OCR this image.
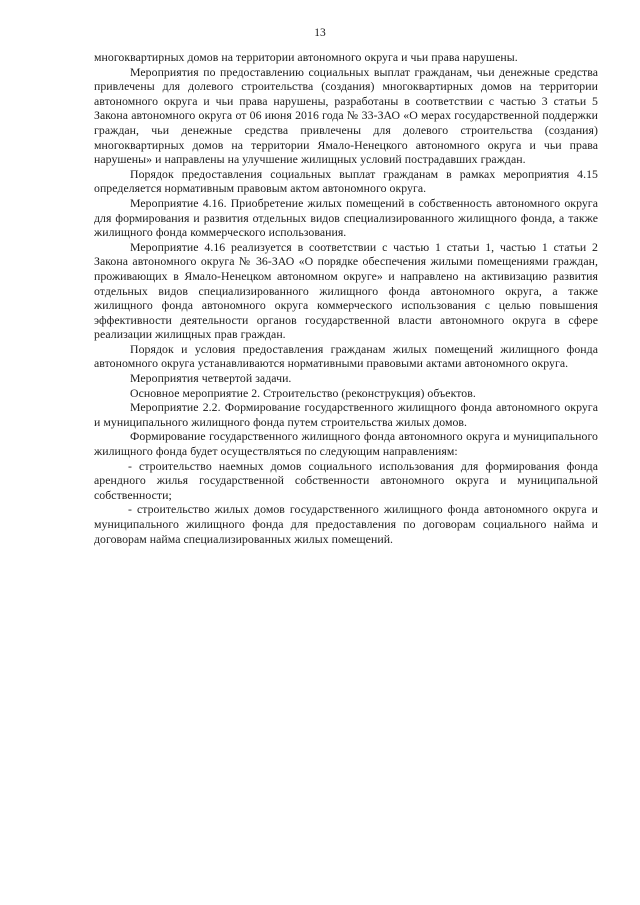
13

многоквартирных домов на территории автономного округа и чьи права нарушены.

Мероприятия по предоставлению социальных выплат гражданам, чьи денежные средства привлечены для долевого строительства (создания) многоквартирных домов на территории автономного округа и чьи права нарушены, разработаны в соответствии с частью 3 статьи 5 Закона автономного округа от 06 июня 2016 года № 33-ЗАО «О мерах государственной поддержки граждан, чьи денежные средства привлечены для долевого строительства (создания) многоквартирных домов на территории Ямало-Ненецкого автономного округа и чьи права нарушены» и направлены на улучшение жилищных условий пострадавших граждан.

Порядок предоставления социальных выплат гражданам в рамках мероприятия 4.15 определяется нормативным правовым актом автономного округа.

Мероприятие 4.16. Приобретение жилых помещений в собственность автономного округа для формирования и развития отдельных видов специализированного жилищного фонда, а также жилищного фонда коммерческого использования.

Мероприятие 4.16 реализуется в соответствии с частью 1 статьи 1, частью 1 статьи 2 Закона автономного округа № 36-ЗАО «О порядке обеспечения жилыми помещениями граждан, проживающих в Ямало-Ненецком автономном округе» и направлено на активизацию развития отдельных видов специализированного жилищного фонда автономного округа, а также жилищного фонда автономного округа коммерческого использования с целью повышения эффективности деятельности органов государственной власти автономного округа в сфере реализации жилищных прав граждан.

Порядок и условия предоставления гражданам жилых помещений жилищного фонда автономного округа устанавливаются нормативными правовыми актами автономного округа.

Мероприятия четвертой задачи.

Основное мероприятие 2. Строительство (реконструкция) объектов.

Мероприятие 2.2. Формирование государственного жилищного фонда автономного округа и муниципального жилищного фонда путем строительства жилых домов.

Формирование государственного жилищного фонда автономного округа и муниципального жилищного фонда будет осуществляться по следующим направлениям:

- строительство наемных домов социального использования для формирования фонда арендного жилья государственной собственности автономного округа и муниципальной собственности;

- строительство жилых домов государственного жилищного фонда автономного округа и муниципального жилищного фонда для предоставления по договорам социального найма и договорам найма специализированных жилых помещений.
